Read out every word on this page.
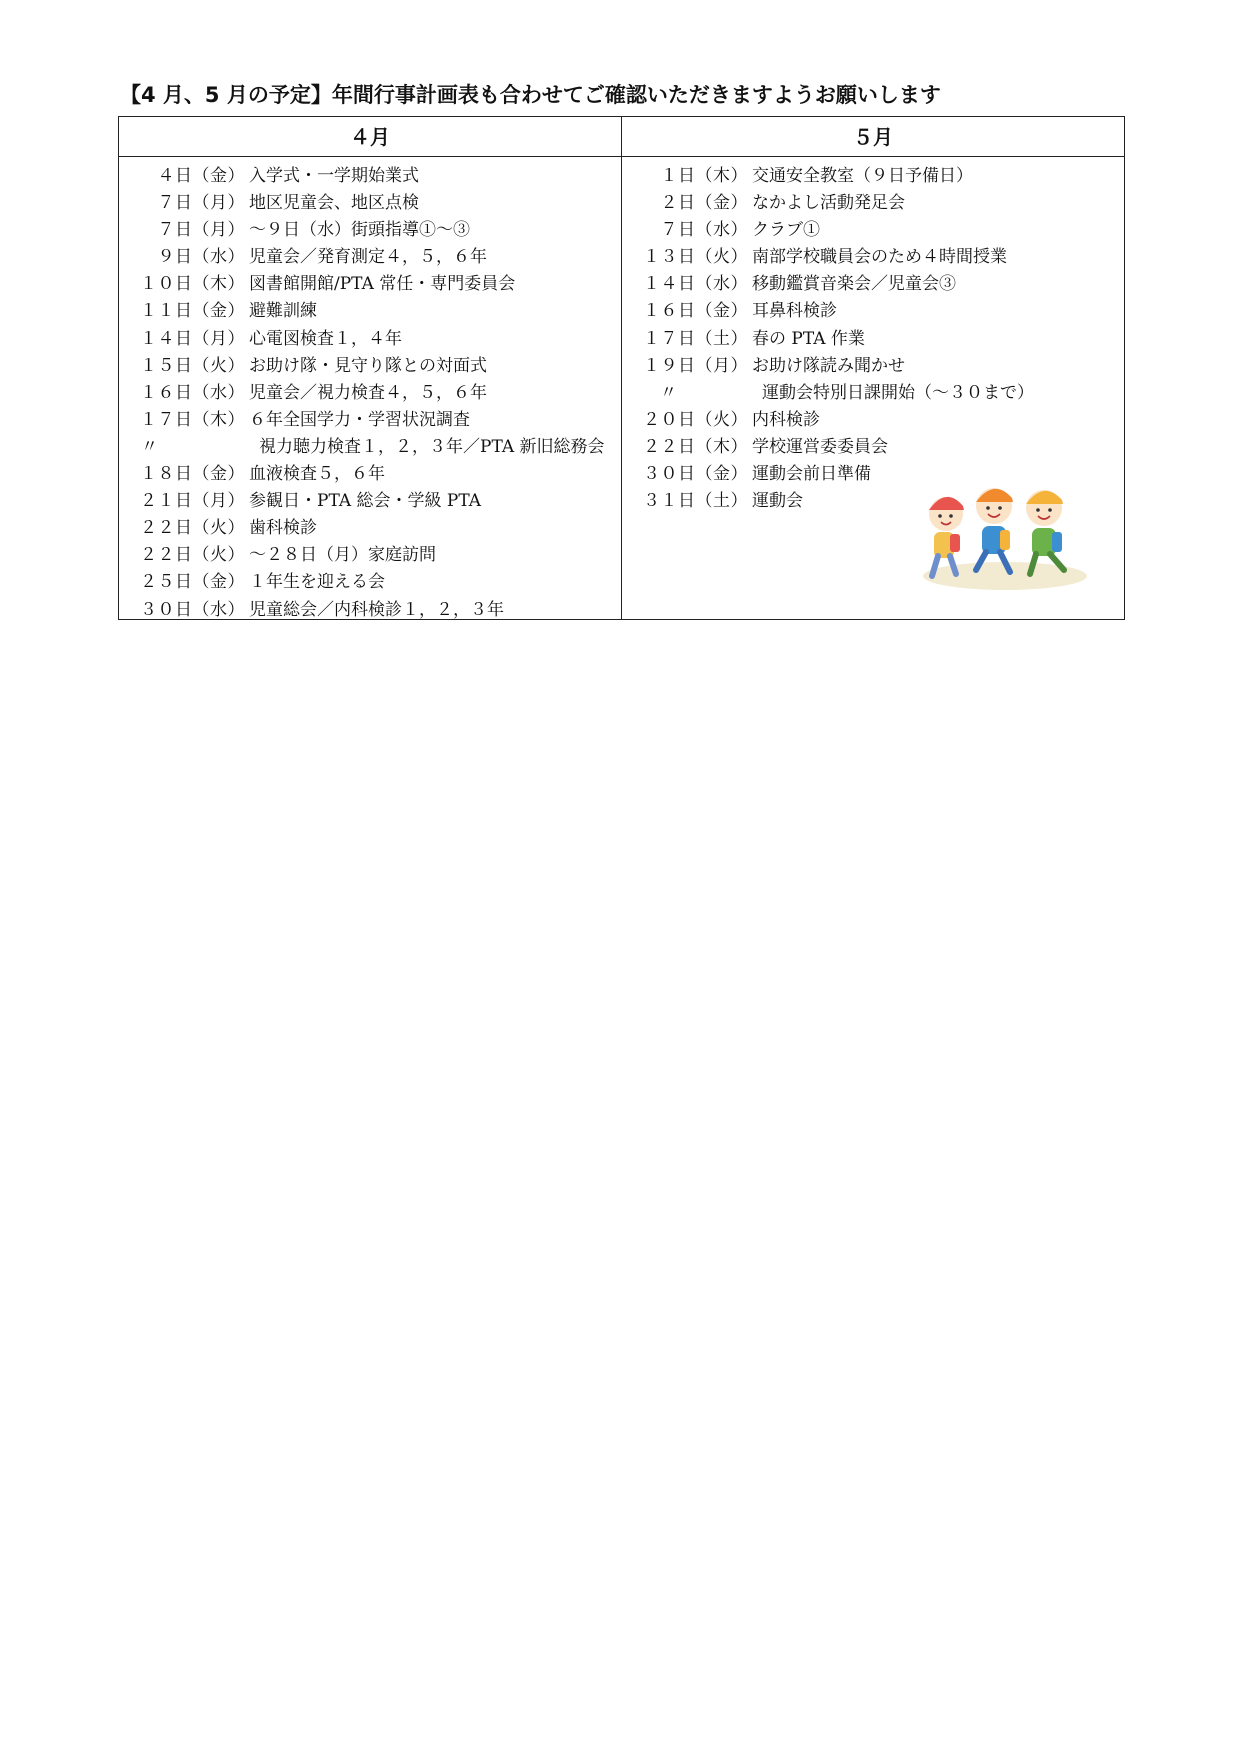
【4 月、5 月の予定】年間行事計画表も合わせてご確認いただきますようお願いします
４月
４日（金） 入学式・一学期始業式
７日（月） 地区児童会、地区点検
７日（月） ～９日（水）街頭指導①～③
９日（水） 児童会／発育測定４，５，６年
１０日（木） 図書館開館/PTA 常任・専門委員会
１１日（金） 避難訓練
１４日（月） 心電図検査１，４年
１５日（火） お助け隊・見守り隊との対面式
１６日（水） 児童会／視力検査４，５，６年
１７日（木） ６年全国学力・学習状況調査
〃	視力聴力検査１，２，３年／PTA 新旧総務会
１８日（金） 血液検査５，６年
２１日（月） 参観日・PTA 総会・学級 PTA
２２日（火） 歯科検診
２２日（火） ～２８日（月）家庭訪問
２５日（金） １年生を迎える会
３０日（水） 児童総会／内科検診１，２，３年
５月
１日（木） 交通安全教室（９日予備日）
２日（金） なかよし活動発足会
７日（水） クラブ①
１３日（火） 南部学校職員会のため４時間授業
１４日（水） 移動鑑賞音楽会／児童会③
１６日（金） 耳鼻科検診
１７日（土） 春の PTA 作業
１９日（月） お助け隊読み聞かせ
〃	運動会特別日課開始（～３０まで）
２０日（火） 内科検診
２２日（木） 学校運営委委員会
３０日（金） 運動会前日準備
３１日（土） 運動会
